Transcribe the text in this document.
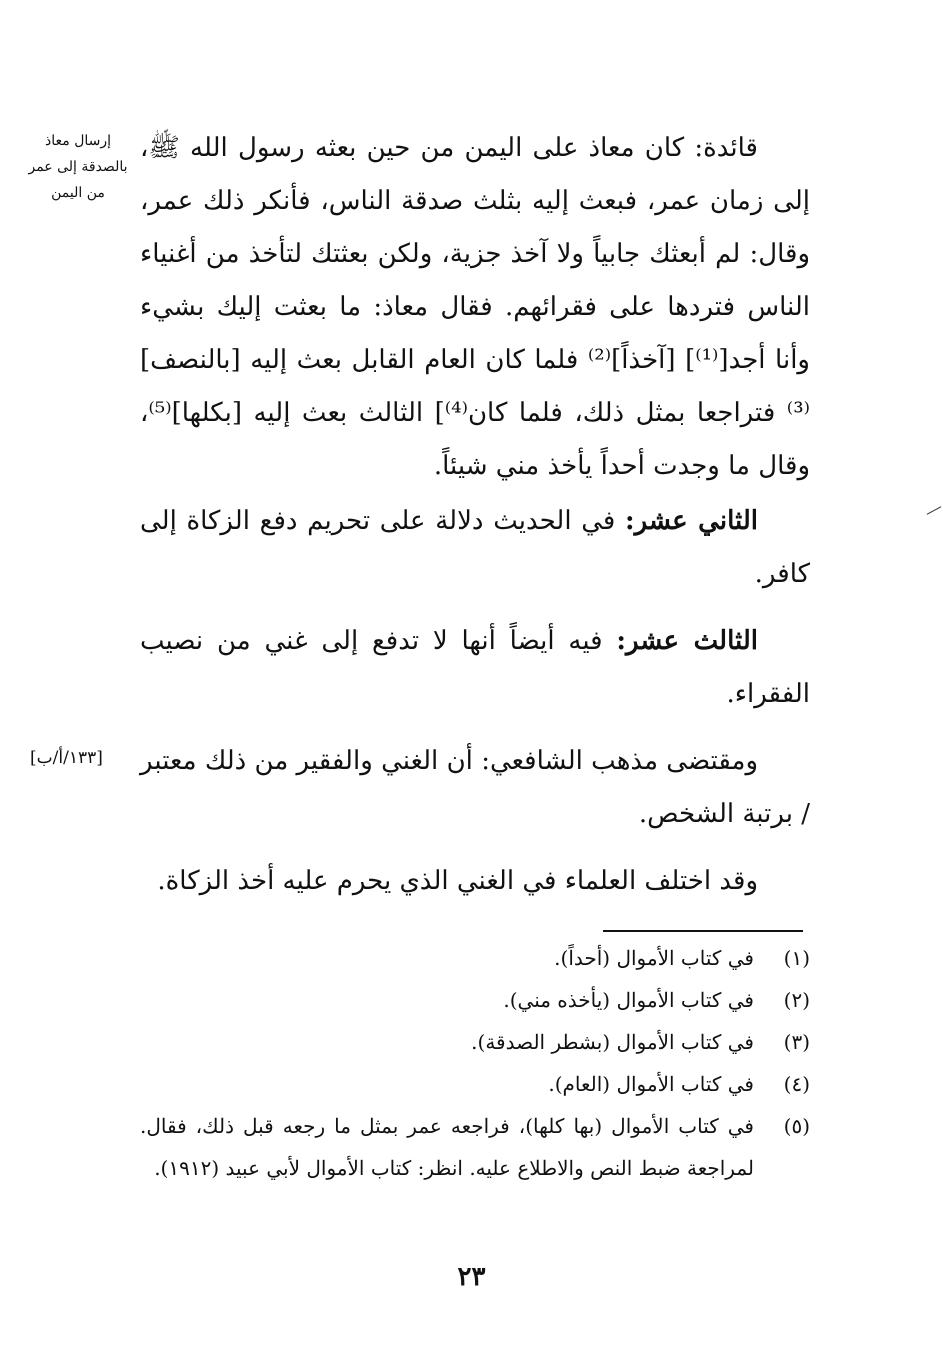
إرسال معاذ بالصدقة إلى عمر من اليمن
قائدة: كان معاذ على اليمن من حين بعثه رسول الله ﷺ، إلى زمان عمر، فبعث إليه بثلث صدقة الناس، فأنكر ذلك عمر، وقال: لم أبعثك جابياً ولا آخذ جزية، ولكن بعثتك لتأخذ من أغنياء الناس فتردها على فقرائهم. فقال معاذ: ما بعثت إليك بشيء وأنا أجد[⁽¹⁾] [آخذاً]⁽²⁾ فلما كان العام القابل بعث إليه [بالنصف]⁽³⁾ فتراجعا بمثل ذلك، فلما كان⁽⁴⁾] الثالث بعث إليه [بكلها]⁽⁵⁾، وقال ما وجدت أحداً يأخذ مني شيئاً.
الثاني عشر: في الحديث دلالة على تحريم دفع الزكاة إلى كافر.
الثالث عشر: فيه أيضاً أنها لا تدفع إلى غني من نصيب الفقراء.
[١٣٣/أ/ب]	ومقتضى مذهب الشافعي: أن الغني والفقير من ذلك معتبر / برتبة الشخص.
وقد اختلف العلماء في الغني الذي يحرم عليه أخذ الزكاة.
(١)
في كتاب الأموال (أحداً).
(٢)
في كتاب الأموال (يأخذه مني).
(٣)
في كتاب الأموال (بشطر الصدقة).
(٤)
في كتاب الأموال (العام).
(٥)
في كتاب الأموال (بها كلها)، فراجعه عمر بمثل ما رجعه قبل ذلك، فقال. لمراجعة ضبط النص والاطلاع عليه. انظر: كتاب الأموال لأبي عبيد (١٩١٢).
٢٣
